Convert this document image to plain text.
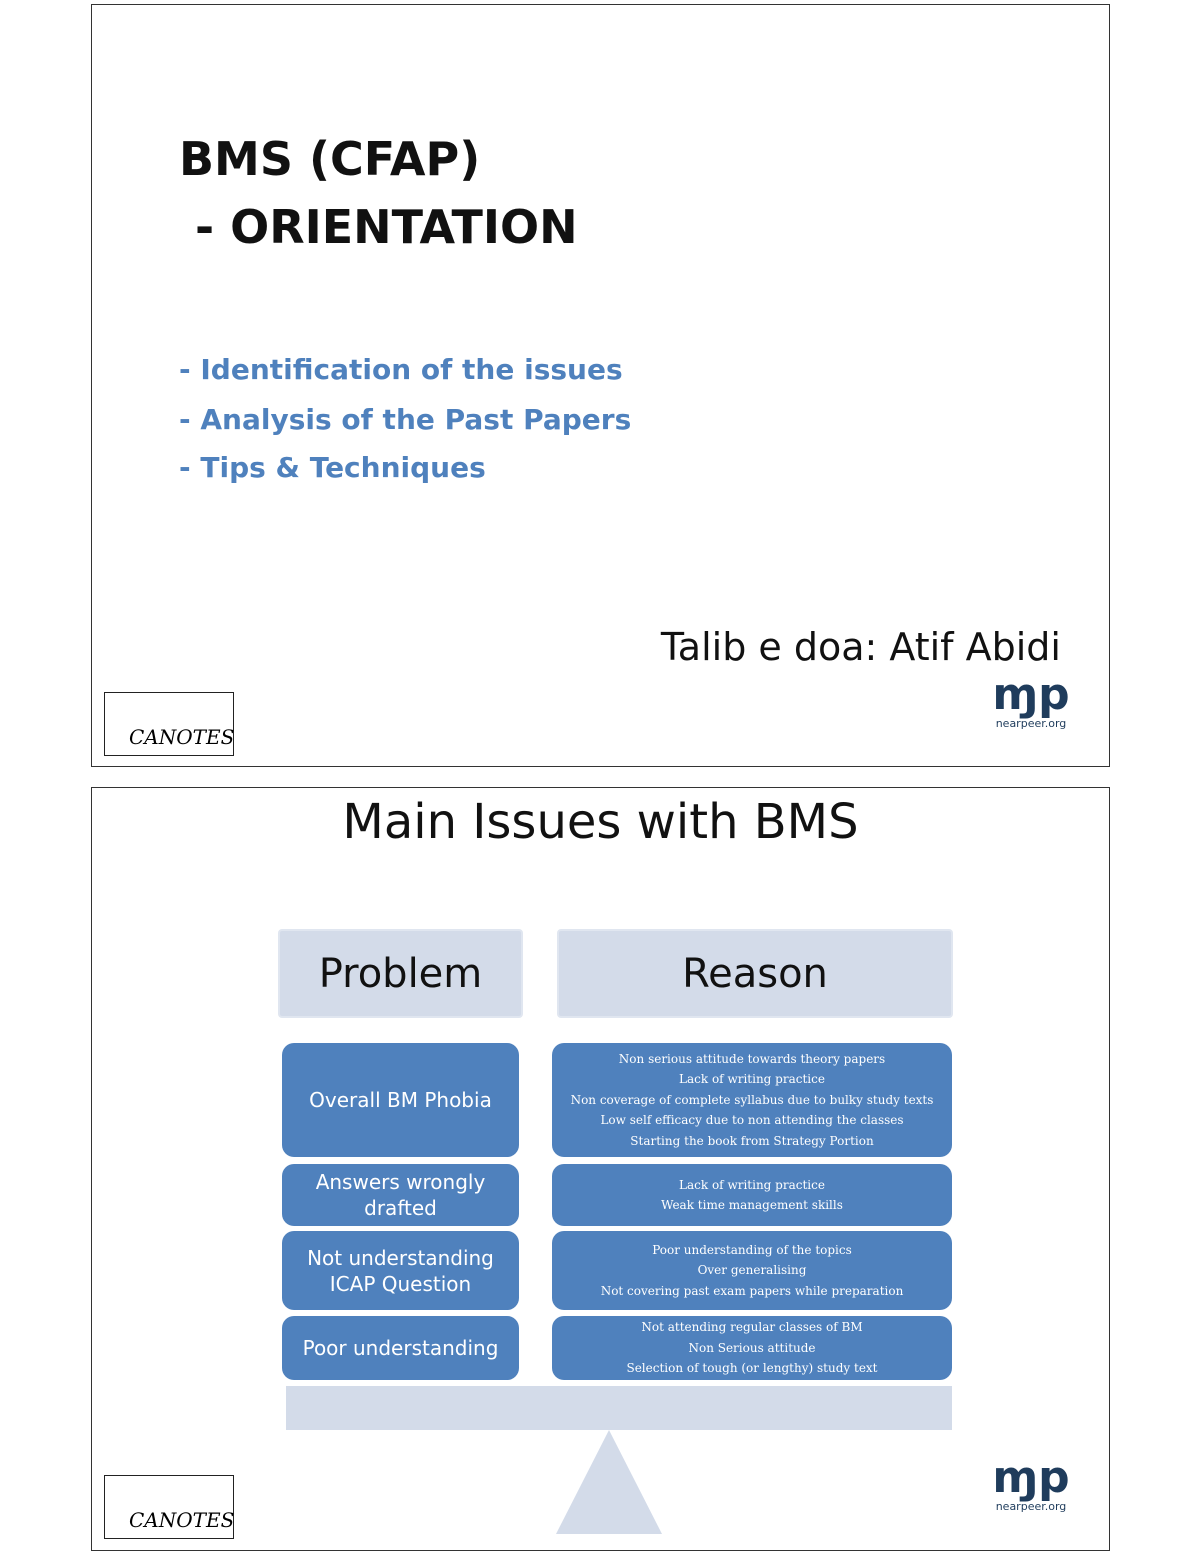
BMS (CFAP)
- ORIENTATION
- Identification of the issues
- Analysis of the Past Papers
- Tips & Techniques
Talib e doa: Atif Abidi
CANOTES
ɱp
nearpeer.org
Main Issues with BMS
Problem	Reason
Overall BM Phobia
Non serious attitude towards theory papers
Lack of writing practice
Non coverage of complete syllabus due to bulky study texts
Low self efficacy due to non attending the classes
Starting the book from Strategy Portion
Answers wrongly drafted
Lack of writing practice
Weak time management skills
Not understanding ICAP Question
Poor understanding of the topics
Over generalising
Not covering past exam papers while preparation
Poor understanding
Not attending regular classes of BM
Non Serious attitude
Selection of tough (or lengthy) study text
CANOTES
ɱp
nearpeer.org
